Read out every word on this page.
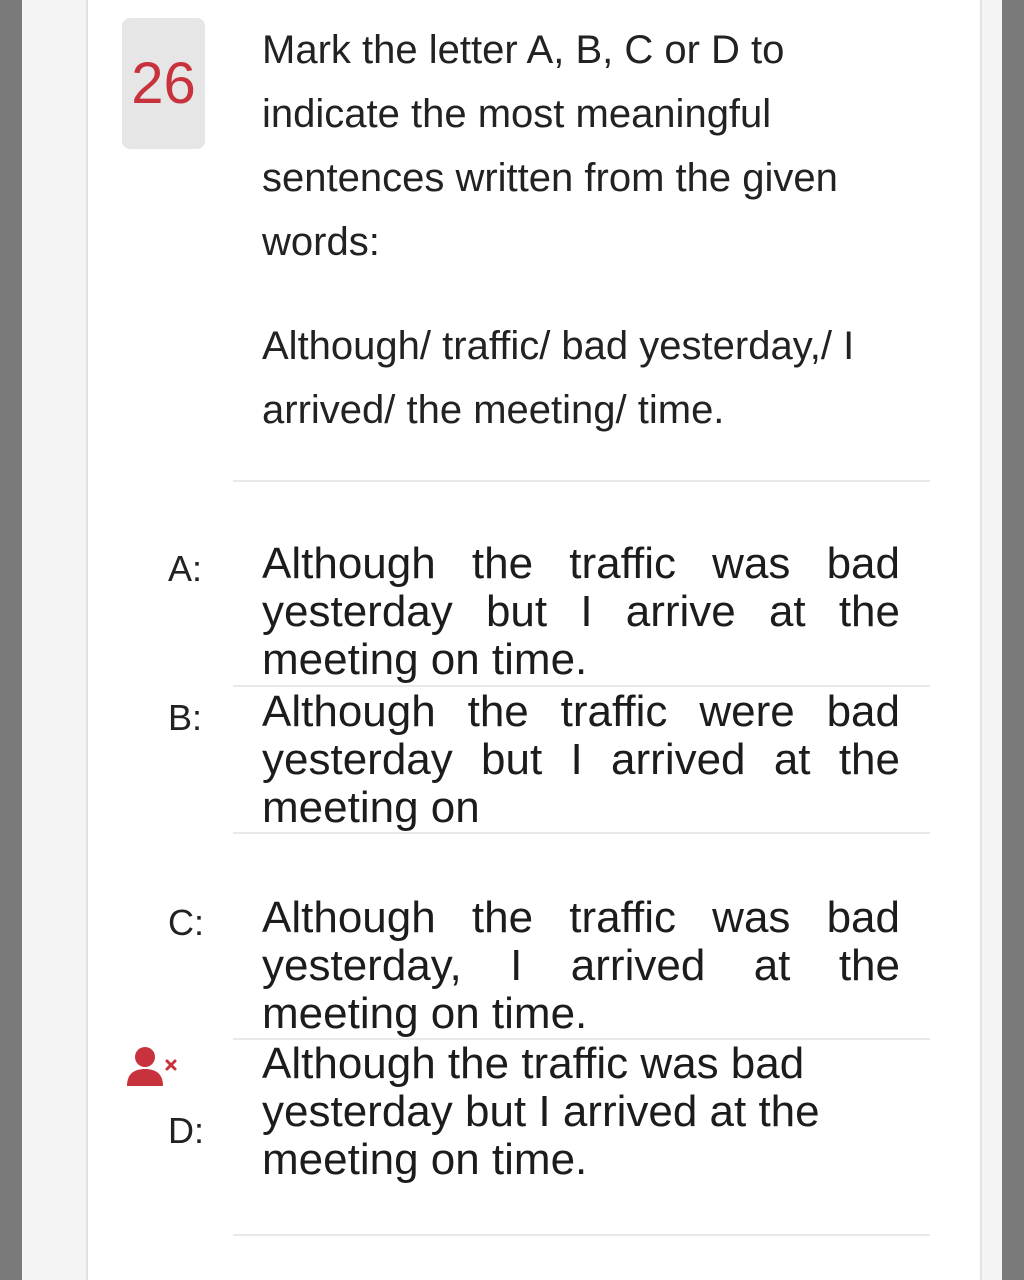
26

Mark the letter A, B, C or D to indicate the most meaningful sentences written from the given words:

Although/ traffic/ bad yesterday,/ I arrived/ the meeting/ time.

A:	Although the traffic was bad yesterday but I arrive at the meeting on time.
B:	Although the traffic were bad yesterday but I arrived at the meeting on
C:	Although the traffic was bad yesterday, I arrived at the meeting on time.
D:
Although the traffic was bad yesterday but I arrived at the meeting on time.
